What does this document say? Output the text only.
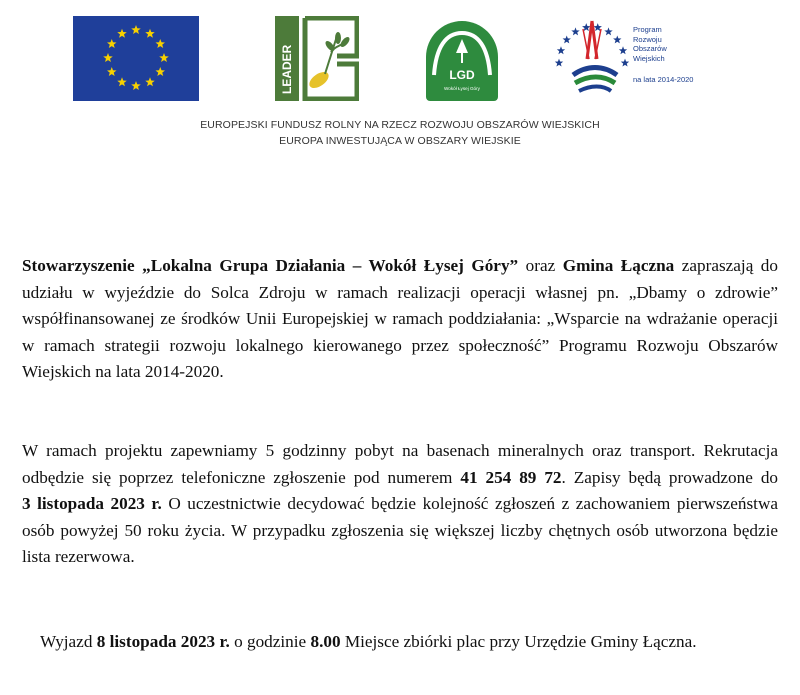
LEADER	LGD
Wokół Łysej Góry
Program
Rozwoju
Obszarów
Wiejskich
na lata 2014-2020
EUROPEJSKI FUNDUSZ ROLNY NA RZECZ ROZWOJU OBSZARÓW WIEJSKICH
EUROPA INWESTUJĄCA W OBSZARY WIEJSKIE
Stowarzyszenie „Lokalna Grupa Działania – Wokół Łysej Góry” oraz Gmina Łączna zapraszają do udziału w wyjeździe do Solca Zdroju w ramach realizacji operacji własnej pn. „Dbamy o zdrowie” współfinansowanej ze środków Unii Europejskiej w ramach poddziałania: „Wsparcie na wdrażanie operacji w ramach strategii rozwoju lokalnego kierowanego przez społeczność” Programu Rozwoju Obszarów Wiejskich na lata 2014-2020.
W ramach projektu zapewniamy 5 godzinny pobyt na basenach mineralnych oraz transport. Rekrutacja odbędzie się poprzez telefoniczne zgłoszenie pod numerem 41 254 89 72. Zapisy będą prowadzone do 3 listopada 2023 r. O uczestnictwie decydować będzie kolejność zgłoszeń z zachowaniem pierwszeństwa osób powyżej 50 roku życia. W przypadku zgłoszenia się większej liczby chętnych osób utworzona będzie lista rezerwowa.
Wyjazd 8 listopada 2023 r. o godzinie 8.00 Miejsce zbiórki plac przy Urzędzie Gminy Łączna.
